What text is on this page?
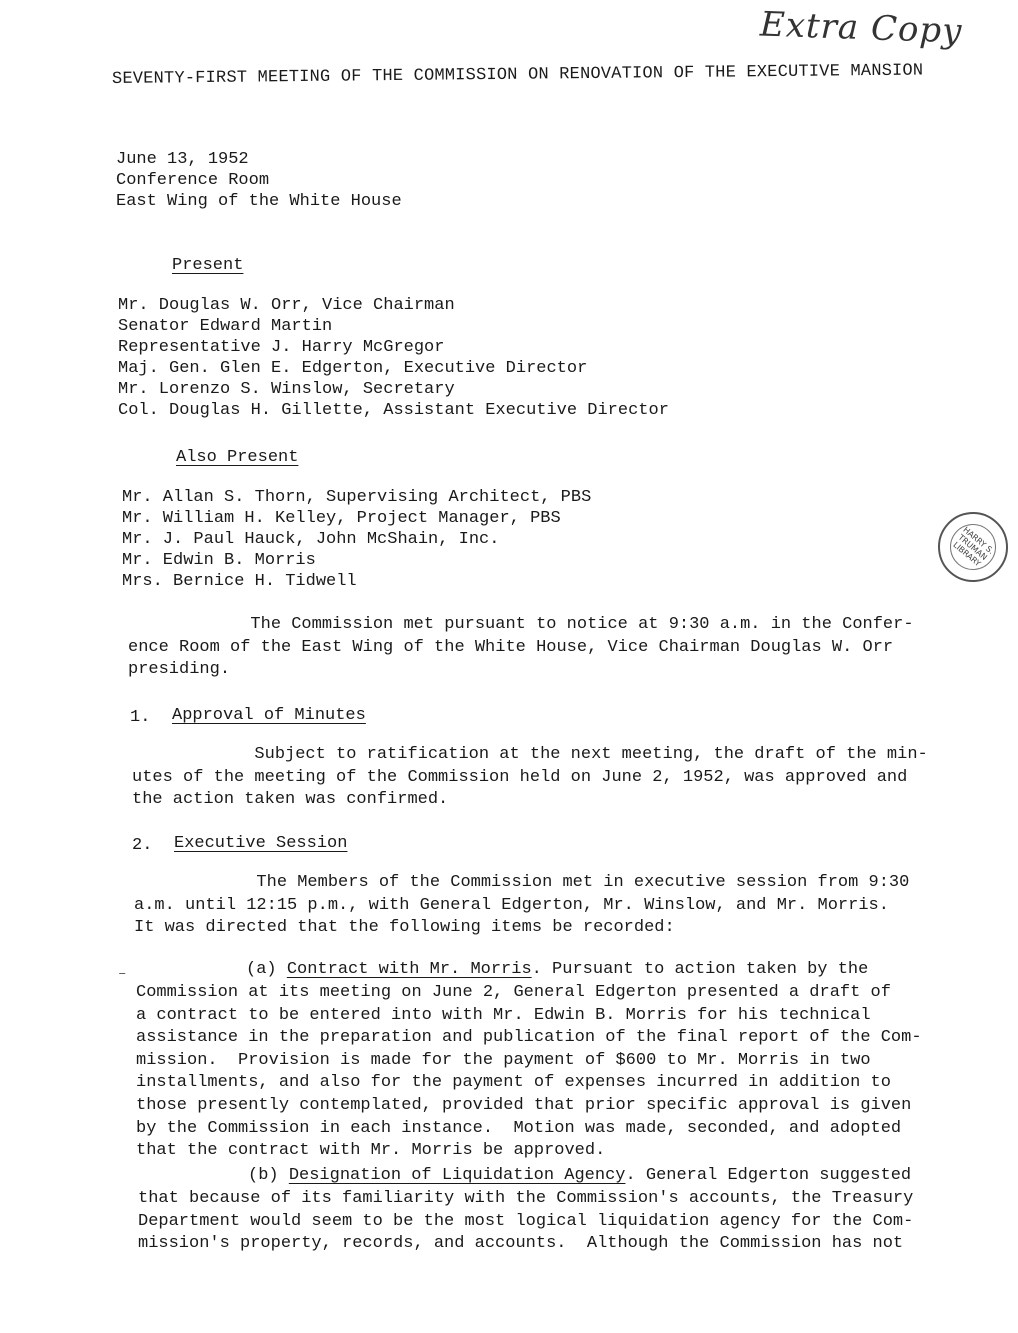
Extra Copy
SEVENTY-FIRST MEETING OF THE COMMISSION ON RENOVATION OF THE EXECUTIVE MANSION
June 13, 1952
Conference Room
East Wing of the White House
Present
Mr. Douglas W. Orr, Vice Chairman
Senator Edward Martin
Representative J. Harry McGregor
Maj. Gen. Glen E. Edgerton, Executive Director
Mr. Lorenzo S. Winslow, Secretary
Col. Douglas H. Gillette, Assistant Executive Director
Also Present
Mr. Allan S. Thorn, Supervising Architect, PBS
Mr. William H. Kelley, Project Manager, PBS
Mr. J. Paul Hauck, John McShain, Inc.
Mr. Edwin B. Morris
Mrs. Bernice H. Tidwell
HARRY S. TRUMAN LIBRARY
The Commission met pursuant to notice at 9:30 a.m. in the Confer-
ence Room of the East Wing of the White House, Vice Chairman Douglas W. Orr
presiding.
1. Approval of Minutes
Subject to ratification at the next meeting, the draft of the min-
utes of the meeting of the Commission held on June 2, 1952, was approved and
the action taken was confirmed.
2. Executive Session
The Members of the Commission met in executive session from 9:30
a.m. until 12:15 p.m., with General Edgerton, Mr. Winslow, and Mr. Morris.
It was directed that the following items be recorded:
–	(a) Contract with Mr. Morris. Pursuant to action taken by the
Commission at its meeting on June 2, General Edgerton presented a draft of
a contract to be entered into with Mr. Edwin B. Morris for his technical
assistance in the preparation and publication of the final report of the Com-
mission.  Provision is made for the payment of $600 to Mr. Morris in two
installments, and also for the payment of expenses incurred in addition to
those presently contemplated, provided that prior specific approval is given
by the Commission in each instance.  Motion was made, seconded, and adopted
that the contract with Mr. Morris be approved.
(b) Designation of Liquidation Agency. General Edgerton suggested
that because of its familiarity with the Commission's accounts, the Treasury
Department would seem to be the most logical liquidation agency for the Com-
mission's property, records, and accounts.  Although the Commission has not
